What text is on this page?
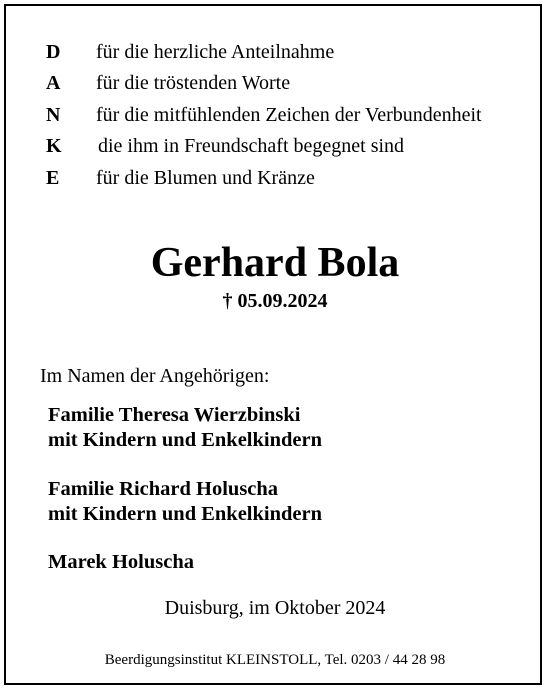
D für die herzliche Anteilnahme
A für die tröstenden Worte
N für die mitfühlenden Zeichen der Verbundenheit
K die ihm in Freundschaft begegnet sind
E für die Blumen und Kränze
Gerhard Bola
† 05.09.2024
Im Namen der Angehörigen:
Familie Theresa Wierzbinski
mit Kindern und Enkelkindern
Familie Richard Holuscha
mit Kindern und Enkelkindern
Marek Holuscha
Duisburg, im Oktober 2024
Beerdigungsinstitut KLEINSTOLL, Tel. 0203 / 44 28 98
